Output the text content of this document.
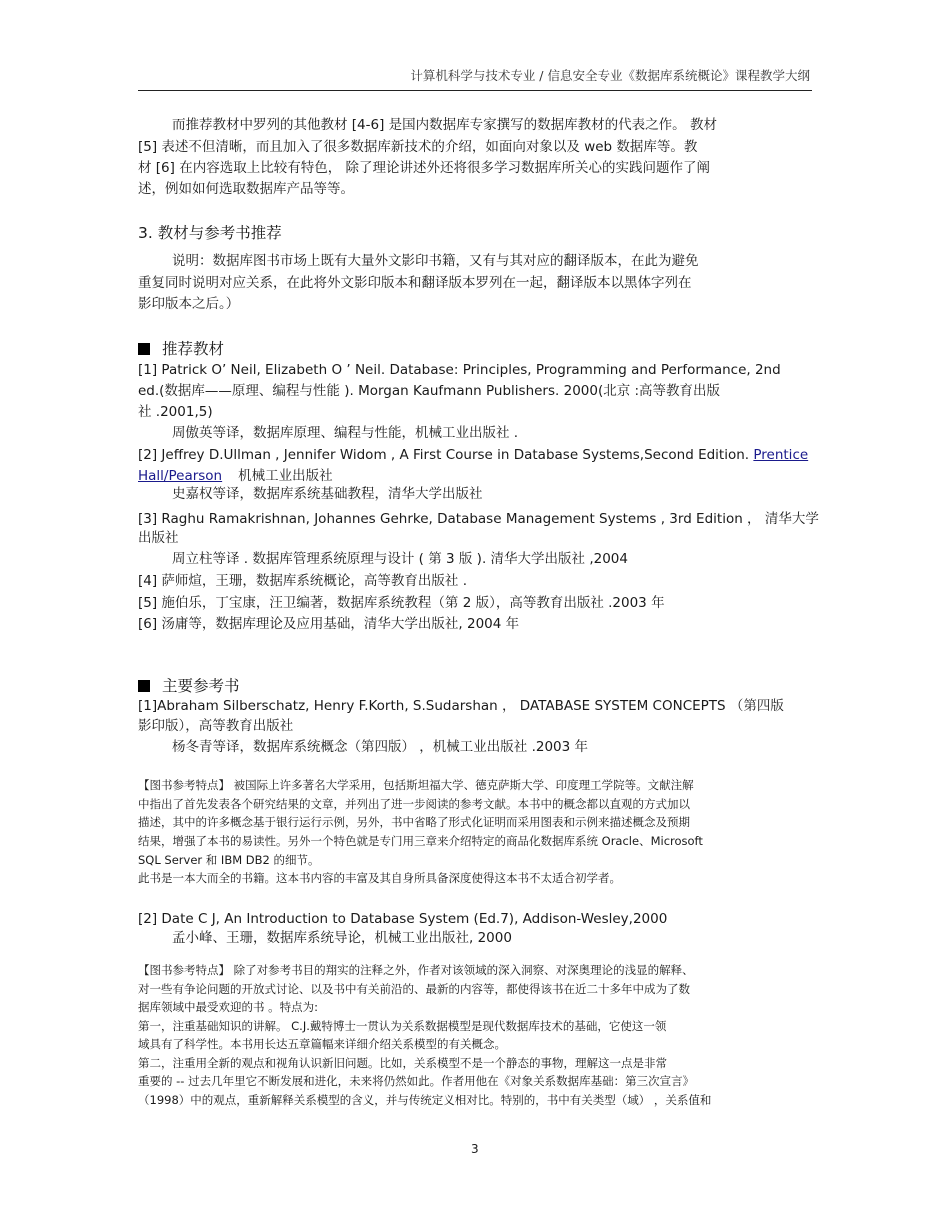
计算机科学与技术专业 / 信息安全专业《数据库系统概论》课程教学大纲
而推荐教材中罗列的其他教材 [4-6] 是国内数据库专家撰写的数据库教材的代表之作。 教材
[5] 表述不但清晰，而且加入了很多数据库新技术的介绍，如面向对象以及 web 数据库等。教
材 [6] 在内容选取上比较有特色， 除了理论讲述外还将很多学习数据库所关心的实践问题作了阐
述，例如如何选取数据库产品等等。
3. 教材与参考书推荐
说明：数据库图书市场上既有大量外文影印书籍，又有与其对应的翻译版本，在此为避免
重复同时说明对应关系，在此将外文影印版本和翻译版本罗列在一起，翻译版本以黑体字列在
影印版本之后。）
推荐教材
[1] Patrick O’ Neil, Elizabeth O ’ Neil. Database: Principles, Programming and Performance, 2nd
ed.(数据库——原理、编程与性能 ). Morgan Kaufmann Publishers. 2000(北京 :高等教育出版
社 .2001,5)
周傲英等译，数据库原理、编程与性能，机械工业出版社 .
[2] Jeffrey D.Ullman , Jennifer Widom , A First Course in Database Systems,Second Edition. Prentice
Hall/Pearson 机械工业出版社
史嘉权等译，数据库系统基础教程，清华大学出版社
[3] Raghu Ramakrishnan, Johannes Gehrke, Database Management Systems , 3rd Edition ， 清华大学
出版社
周立柱等译 . 数据库管理系统原理与设计 ( 第 3 版 ). 清华大学出版社 ,2004
[4] 萨师煊，王珊，数据库系统概论，高等教育出版社 .
[5] 施伯乐，丁宝康，汪卫编著，数据库系统教程（第 2 版），高等教育出版社 .2003 年
[6] 汤庸等，数据库理论及应用基础，清华大学出版社, 2004 年
主要参考书
[1]Abraham Silberschatz, Henry F.Korth, S.Sudarshan ， DATABASE SYSTEM CONCEPTS （第四版
影印版），高等教育出版社
杨冬青等译，数据库系统概念（第四版） ，机械工业出版社 .2003 年
【图书参考特点】 被国际上许多著名大学采用，包括斯坦福大学、德克萨斯大学、印度理工学院等。文献注解
中指出了首先发表各个研究结果的文章，并列出了进一步阅读的参考文献。本书中的概念都以直观的方式加以
描述，其中的许多概念基于银行运行示例，另外，书中省略了形式化证明而采用图表和示例来描述概念及预期
结果，增强了本书的易读性。另外一个特色就是专门用三章来介绍特定的商品化数据库系统 Oracle、Microsoft
SQL Server 和 IBM DB2 的细节。
此书是一本大而全的书籍。这本书内容的丰富及其自身所具备深度使得这本书不太适合初学者。
[2] Date C J, An Introduction to Database System (Ed.7), Addison-Wesley,2000
孟小峰、王珊，数据库系统导论，机械工业出版社, 2000
【图书参考特点】 除了对参考书目的翔实的注释之外，作者对该领域的深入洞察、对深奥理论的浅显的解释、
对一些有争论问题的开放式讨论、以及书中有关前沿的、最新的内容等，都使得该书在近二十多年中成为了数
据库领域中最受欢迎的书 。特点为:
第一，注重基础知识的讲解。 C.J.戴特博士一贯认为关系数据模型是现代数据库技术的基础，它使这一领
域具有了科学性。本书用长达五章篇幅来详细介绍关系模型的有关概念。
第二，注重用全新的观点和视角认识新旧问题。比如，关系模型不是一个静态的事物，理解这一点是非常
重要的 -- 过去几年里它不断发展和进化，未来将仍然如此。作者用他在《对象关系数据库基础：第三次宣言》
（1998）中的观点，重新解释关系模型的含义，并与传统定义相对比。特别的，书中有关类型（域） ，关系值和
3
